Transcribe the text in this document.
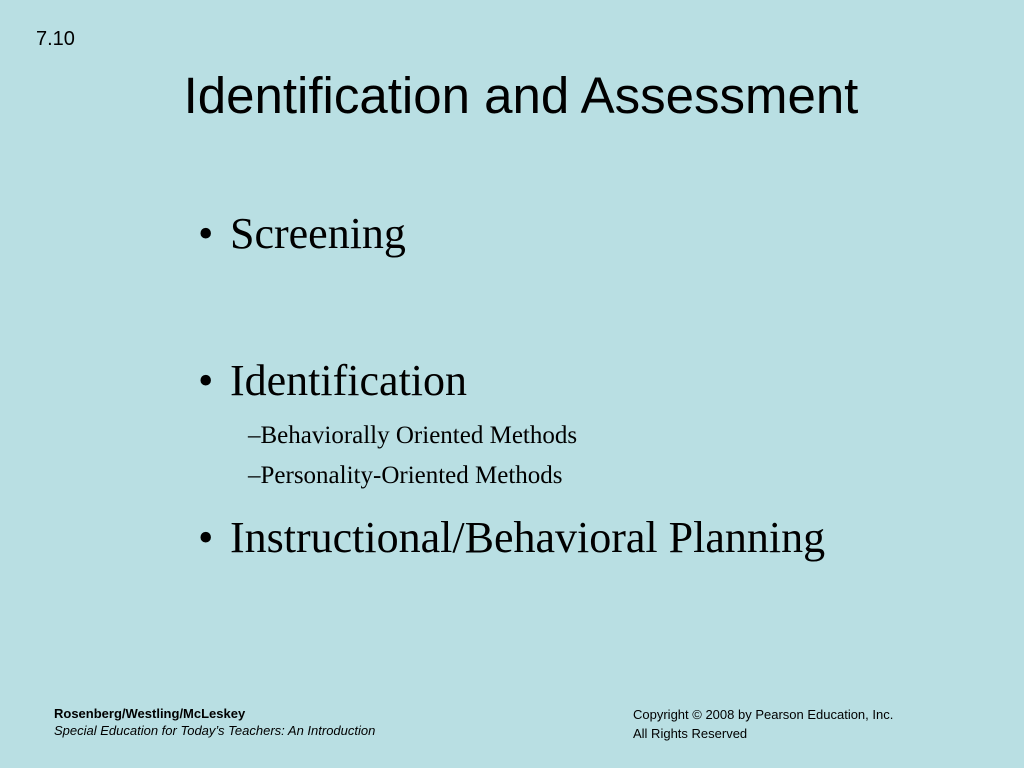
7.10
Identification and Assessment
• Screening
• Identification
–Behaviorally Oriented Methods
–Personality-Oriented Methods
• Instructional/Behavioral Planning
Rosenberg/Westling/McLeskey
Special Education for Today’s Teachers: An Introduction
Copyright © 2008 by Pearson Education, Inc.
All Rights Reserved
